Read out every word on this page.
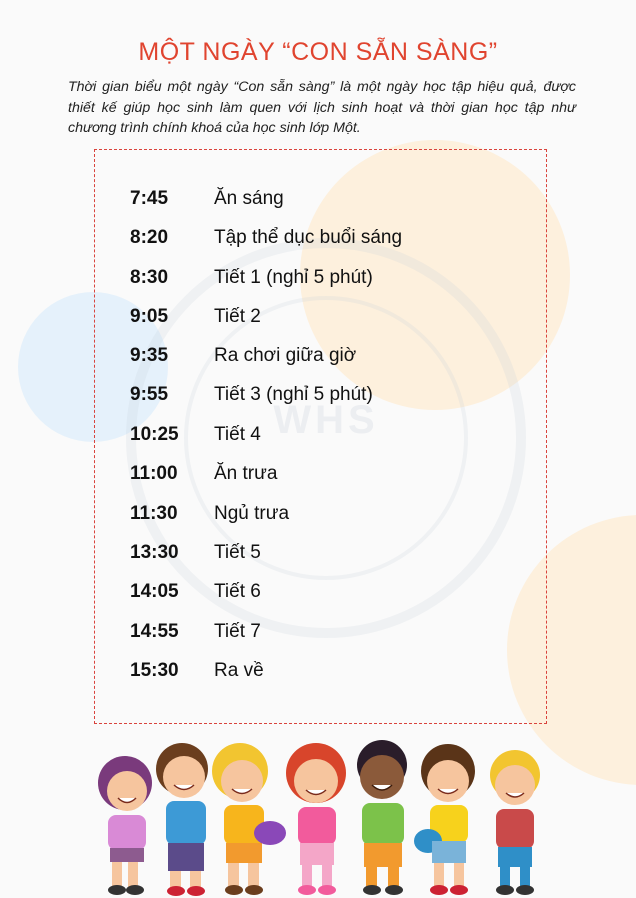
WHS
MỘT NGÀY “CON SẴN SÀNG”

Thời gian biểu một ngày “Con sẵn sàng” là một ngày học tập hiệu quả, được thiết kế giúp học sinh làm quen với lịch sinh hoạt và thời gian học tập như chương trình chính khoá của học sinh lớp Một.

7:45	Ăn sáng
8:20	Tập thể dục buổi sáng
8:30	Tiết 1 (nghỉ 5 phút)
9:05	Tiết 2
9:35	Ra chơi giữa giờ
9:55	Tiết 3 (nghỉ 5 phút)
10:25	Tiết 4
11:00	Ăn trưa
11:30	Ngủ trưa
13:30	Tiết 5
14:05	Tiết 6
14:55	Tiết 7
15:30	Ra về
